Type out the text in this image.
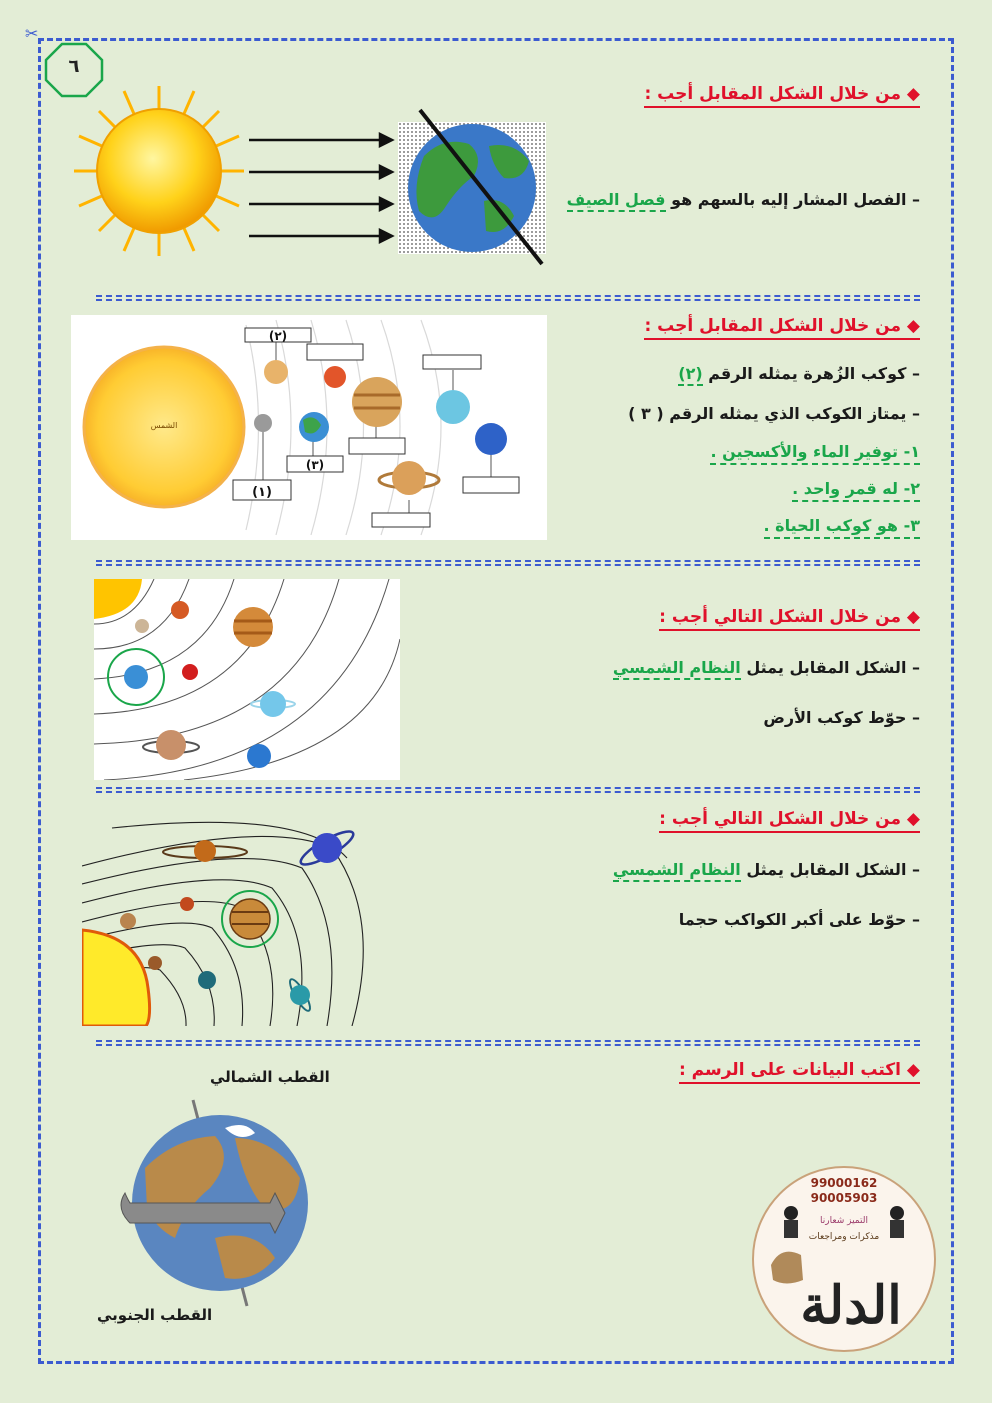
✂
٦
◆ من خلال الشكل المقابل أجب :
– الفصل المشار إليه بالسهم هو فصل الصيف
◆ من خلال الشكل المقابل أجب :
– كوكب الزُهرة يمثله الرقم (٢)
– يمتاز الكوكب الذي يمثله الرقم ( ٣ )
١- توفير الماء والأكسجين .
٢- له قمر واحد .
٣- هو كوكب الحياة .
الشمس
(١)
(٢)
(٣)
◆ من خلال الشكل التالي أجب :
– الشكل المقابل يمثل النظام الشمسي
– حوّط كوكب الأرض
◆ من خلال الشكل التالي أجب :
– الشكل المقابل يمثل النظام الشمسي
– حوّط على أكبر الكواكب حجما
◆ اكتب البيانات على الرسم :
القطب الشمالي
القطب الجنوبي
99000162
90005903
التميز شعارنا
مذكرات ومراجعات
الدلة
